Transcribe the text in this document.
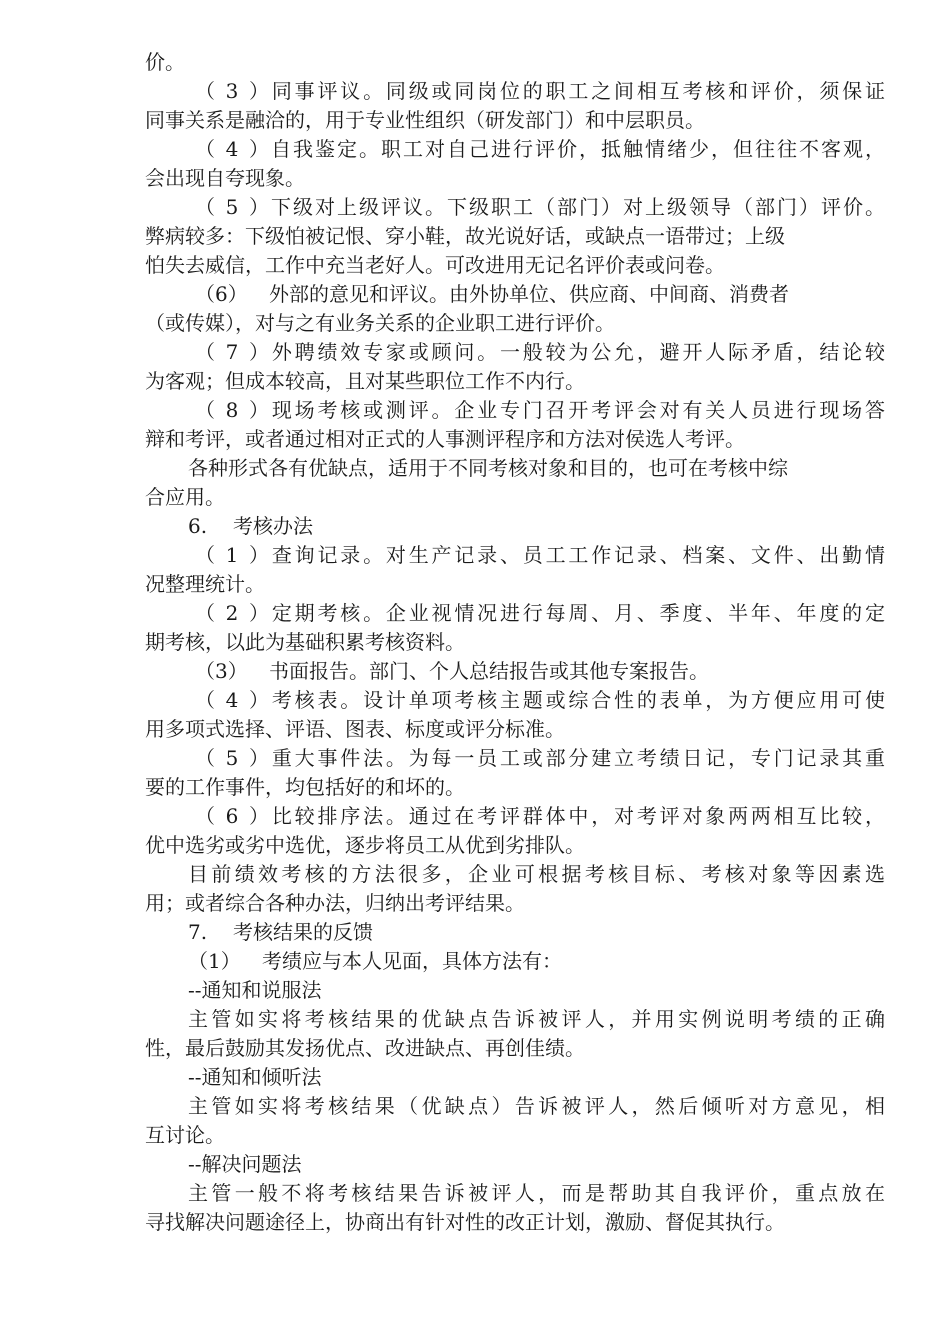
价。
（3）同事评议。同级或同岗位的职工之间相互考核和评价，须保证
同事关系是融洽的，用于专业性组织（研发部门）和中层职员。
（4）自我鉴定。职工对自己进行评价，抵触情绪少，但往往不客观，
会出现自夸现象。
（5）下级对上级评议。下级职工（部门）对上级领导（部门）评价。
弊病较多：下级怕被记恨、穿小鞋，故光说好话，或缺点一语带过；上级
怕失去威信，工作中充当老好人。可改进用无记名评价表或问卷。
（6） 外部的意见和评议。由外协单位、供应商、中间商、消费者
（或传媒），对与之有业务关系的企业职工进行评价。
（7）外聘绩效专家或顾问。一般较为公允，避开人际矛盾，结论较
为客观；但成本较高，且对某些职位工作不内行。
（8）现场考核或测评。企业专门召开考评会对有关人员进行现场答
辩和考评，或者通过相对正式的人事测评程序和方法对侯选人考评。
各种形式各有优缺点，适用于不同考核对象和目的，也可在考核中综
合应用。
6. 考核办法
（1）查询记录。对生产记录、员工工作记录、档案、文件、出勤情
况整理统计。
（2）定期考核。企业视情况进行每周、月、季度、半年、年度的定
期考核，以此为基础积累考核资料。
（3） 书面报告。部门、个人总结报告或其他专案报告。
（4）考核表。设计单项考核主题或综合性的表单，为方便应用可使
用多项式选择、评语、图表、标度或评分标准。
（5）重大事件法。为每一员工或部分建立考绩日记，专门记录其重
要的工作事件，均包括好的和坏的。
（6）比较排序法。通过在考评群体中，对考评对象两两相互比较，
优中选劣或劣中选优，逐步将员工从优到劣排队。
目前绩效考核的方法很多，企业可根据考核目标、考核对象等因素选
用；或者综合各种办法，归纳出考评结果。
7. 考核结果的反馈
（1） 考绩应与本人见面，具体方法有：
--通知和说服法
主管如实将考核结果的优缺点告诉被评人，并用实例说明考绩的正确
性，最后鼓励其发扬优点、改进缺点、再创佳绩。
--通知和倾听法
主管如实将考核结果（优缺点）告诉被评人，然后倾听对方意见，相
互讨论。
--解决问题法
主管一般不将考核结果告诉被评人，而是帮助其自我评价，重点放在
寻找解决问题途径上，协商出有针对性的改正计划，激励、督促其执行。
